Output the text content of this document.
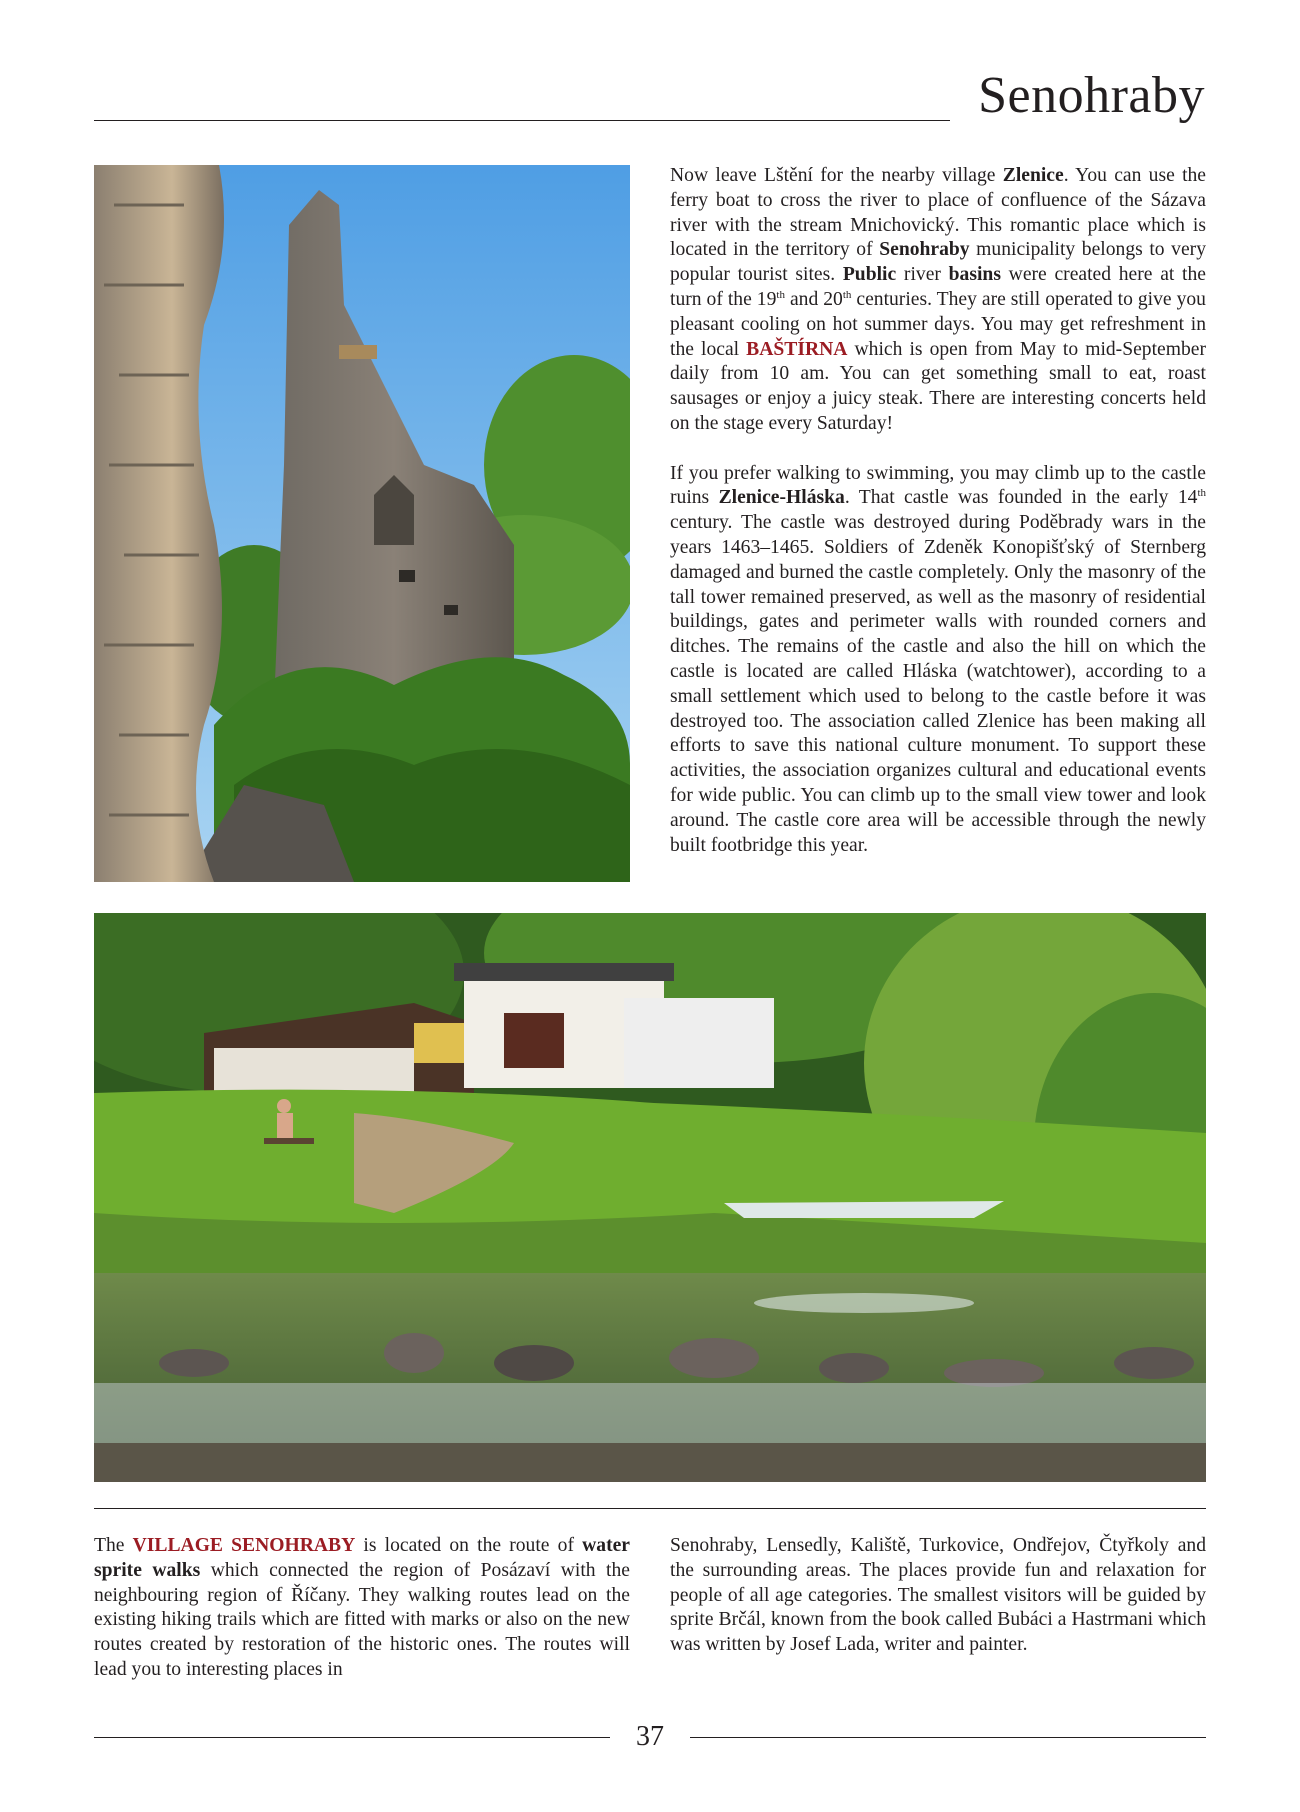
Senohraby

Now leave Lštění for the nearby village Zlenice. You can use the ferry boat to cross the river to place of confluence of the Sázava river with the stream Mnichovický. This romantic place which is located in the territory of Senohraby municipality belongs to very popular tourist sites. Public river basins were created here at the turn of the 19th and 20th centuries. They are still operated to give you pleasant cooling on hot summer days. You may get refreshment in the local BAŠTÍRNA which is open from May to mid-September daily from 10 am. You can get something small to eat, roast sausages or enjoy a juicy steak. There are interesting concerts held on the stage every Saturday!

If you prefer walking to swimming, you may climb up to the castle ruins Zlenice-Hláska. That castle was founded in the early 14th century. The castle was destroyed during Poděbrady wars in the years 1463–1465. Soldiers of Zdeněk Konopišťský of Sternberg damaged and burned the castle completely. Only the masonry of the tall tower remained preserved, as well as the masonry of residential buildings, gates and perimeter walls with rounded corners and ditches. The remains of the castle and also the hill on which the castle is located are called Hláska (watchtower), according to a small settlement which used to belong to the castle before it was destroyed too. The association called Zlenice has been making all efforts to save this national culture monument. To support these activities, the association organizes cultural and educational events for wide public. You can climb up to the small view tower and look around. The castle core area will be accessible through the newly built footbridge this year.

The VILLAGE SENOHRABY is located on the route of water sprite walks which connected the region of Posázaví with the neighbouring region of Říčany. They walking routes lead on the existing hiking trails which are fitted with marks or also on the new routes created by restoration of the historic ones. The routes will lead you to interesting places in

Senohraby, Lensedly, Kaliště, Turkovice, Ondřejov, Čtyřkoly and the surrounding areas. The places provide fun and relaxation for people of all age categories. The smallest visitors will be guided by sprite Brčál, known from the book called Bubáci a Hastrmani which was written by Josef Lada, writer and painter.

37
